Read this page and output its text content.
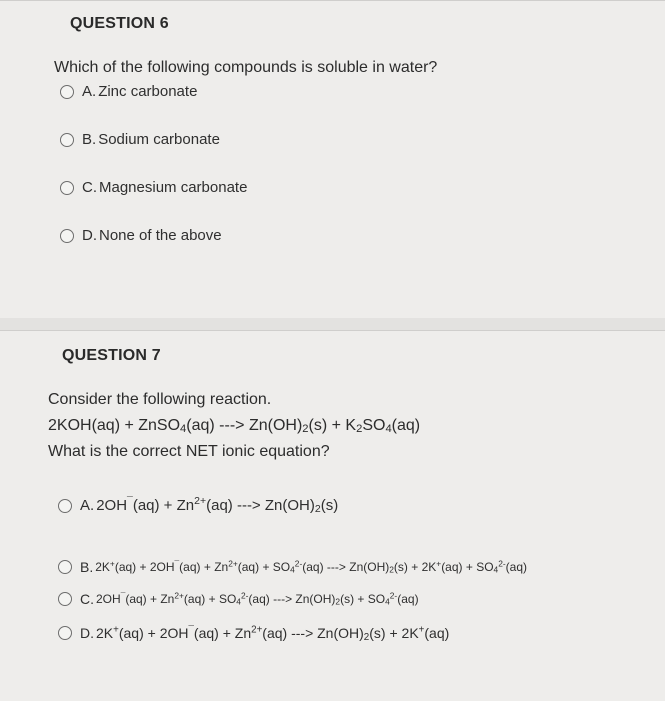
QUESTION 6
Which of the following compounds is soluble in water?
A. Zinc carbonate
B. Sodium carbonate
C. Magnesium carbonate
D. None of the above
QUESTION 7
Consider the following reaction.
2KOH(aq) + ZnSO$_4$(aq) ---> $Zn(OH)_2(s) + K_2SO_4(aq)$
What is the correct NET ionic equation?
A. $2OH^¯(aq) + Zn^{2+}(aq)$ ---> $Zn(OH)_2(s)$
B. $2K^+(aq) + 2OH^¯(aq) + Zn^{2+}(aq) + SO_4^{2-}(aq)$ ---> $Zn(OH)_2(s) + 2K^+(aq) + SO_4^{2-}(aq)$
C. $2OH^¯(aq) + Zn^{2+}(aq) + SO_4^{2-}(aq)$ ---> $Zn(OH)_2(s) + SO_4^{2-}(aq)$
D. $2K^+(aq) + 2OH^¯(aq) + Zn^{2+}(aq)$ ---> $Zn(OH)_2(s) + 2K^+(aq)$
